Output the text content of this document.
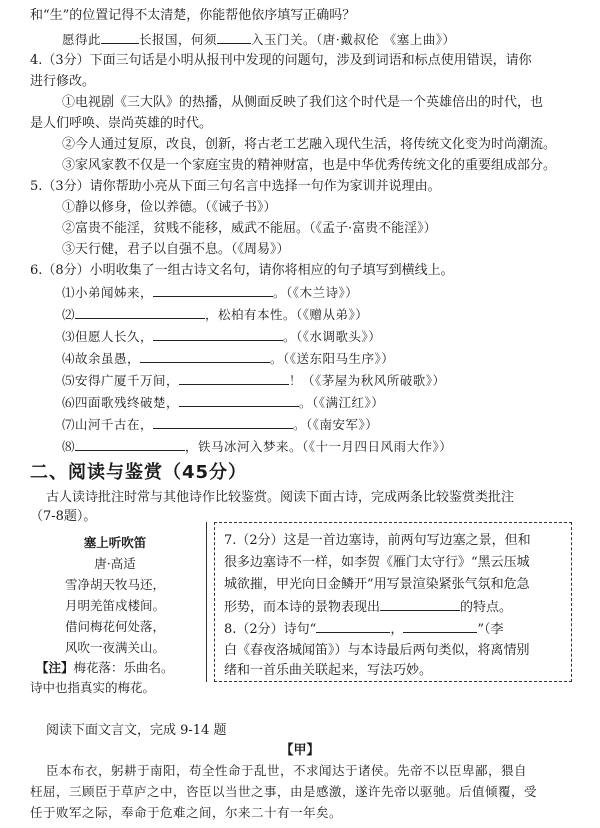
和“生”的位置记得不太清楚，你能帮他依序填写正确吗？
愿得此	长报国，何须	入玉门关。（唐·戴叔伦 《塞上曲》）
4.（3分）下面三句话是小明从报刊中发现的问题句，涉及到词语和标点使用错误，请你
进行修改。
①电视剧《三大队》的热播，从侧面反映了我们这个时代是一个英雄倍出的时代，也
是人们呼唤、崇尚英雄的时代。
②今人通过复原，改良，创新，将古老工艺融入现代生活，将传统文化变为时尚潮流。
③家风家教不仅是一个家庭宝贵的精神财富，也是中华优秀传统文化的重要组成部分。
5.（3分）请你帮助小亮从下面三句名言中选择一句作为家训并说理由。
①静以修身，俭以养德。（《诫子书》）
②富贵不能淫，贫贱不能移，威武不能屈。（《孟子·富贵不能淫》）
③天行健，君子以自强不息。（《周易》）
6.（8分）小明收集了一组古诗文名句，请你将相应的句子填写到横线上。
⑴小弟闻姊来，	。（《木兰诗》）
⑵	，松柏有本性。（《赠从弟》）
⑶但愿人长久，	。（《水调歌头》）
⑷故余虽愚，	。（《送东阳马生序》）
⑸安得广厦千万间，	！（《茅屋为秋风所破歌》）
⑹四面歌残终破楚，	。（《满江红》）
⑺山河千古在，	。（《南安军》）
⑻	，铁马冰河入梦来。（《十一月四日风雨大作》）
二、阅读与鉴赏（45分）
古人读诗批注时常与其他诗作比较鉴赏。阅读下面古诗，完成两条比较鉴赏类批注
（7-8题）。
塞上听吹笛
唐·高适
雪净胡天牧马还，
月明羌笛戍楼间。
借问梅花何处落，
风吹一夜满关山。
【注】梅花落：乐曲名。
诗中也指真实的梅花。
7.（2分）这是一首边塞诗，前两句写边塞之景，但和
很多边塞诗不一样，如李贺《雁门太守行》“黑云压城
城欲摧，甲光向日金鳞开”用写景渲染紧张气氛和危急
形势，而本诗的景物表现出	的特点。
8.（2分）诗句“	，	”（李
白《春夜洛城闻笛》）与本诗最后两句类似，将离情别
绪和一首乐曲关联起来，写法巧妙。
阅读下面文言文，完成 9-14 题
【甲】
臣本布衣，躬耕于南阳，苟全性命于乱世，不求闻达于诸侯。先帝不以臣卑鄙，猥自
枉屈，三顾臣于草庐之中，咨臣以当世之事，由是感激，遂许先帝以驱驰。后值倾覆，受
任于败军之际，奉命于危难之间，尔来二十有一年矣。
